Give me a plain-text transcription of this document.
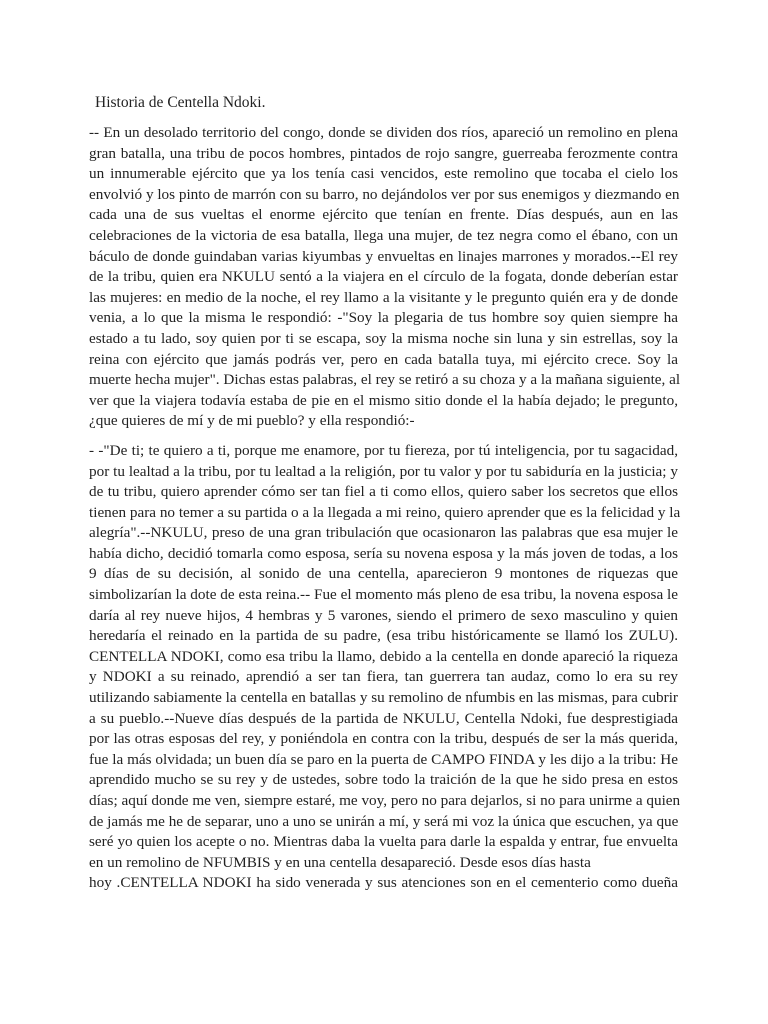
Historia de Centella Ndoki.
-- En un desolado territorio del congo, donde se dividen dos ríos, apareció un remolino en plena
gran batalla, una tribu de pocos hombres, pintados de rojo sangre, guerreaba ferozmente contra
un innumerable ejército que ya los tenía casi vencidos, este remolino que tocaba el cielo los
envolvió y los pinto de marrón con su barro, no dejándolos ver por sus enemigos y diezmando en
cada una de sus vueltas el enorme ejército que tenían en frente. Días después, aun en las
celebraciones de la victoria de esa batalla, llega una mujer, de tez negra como el ébano, con un
báculo de donde guindaban varias kiyumbas y envueltas en linajes marrones y morados.--El rey
de la tribu, quien era NKULU sentó a la viajera en el círculo de la fogata, donde deberían estar
las mujeres: en medio de la noche, el rey llamo a la visitante y le pregunto quién era y de donde
venia, a lo que la misma le respondió: -"Soy la plegaria de tus hombre soy quien siempre ha
estado a tu lado, soy quien por ti se escapa, soy la misma noche sin luna y sin estrellas, soy la
reina con ejército que jamás podrás ver, pero en cada batalla tuya, mi ejército crece. Soy la
muerte hecha mujer". Dichas estas palabras, el rey se retiró a su choza y a la mañana siguiente, al
ver que la viajera todavía estaba de pie en el mismo sitio donde el la había dejado; le pregunto,
¿que quieres de mí y de mi pueblo? y ella respondió:-
- -"De ti; te quiero a ti, porque me enamore, por tu fiereza, por tú inteligencia, por tu sagacidad,
por tu lealtad a la tribu, por tu lealtad a la religión, por tu valor y por tu sabiduría en la justicia; y
de tu tribu, quiero aprender cómo ser tan fiel a ti como ellos, quiero saber los secretos que ellos
tienen para no temer a su partida o a la llegada a mi reino, quiero aprender que es la felicidad y la
alegría".--NKULU, preso de una gran tribulación que ocasionaron las palabras que esa mujer le
había dicho, decidió tomarla como esposa, sería su novena esposa y la más joven de todas, a los
9 días de su decisión, al sonido de una centella, aparecieron 9 montones de riquezas que
simbolizarían la dote de esta reina.-- Fue el momento más pleno de esa tribu, la novena esposa le
daría al rey nueve hijos, 4 hembras y 5 varones, siendo el primero de sexo masculino y quien
heredaría el reinado en la partida de su padre, (esa tribu históricamente se llamó los ZULU).
CENTELLA NDOKI, como esa tribu la llamo, debido a la centella en donde apareció la riqueza
y NDOKI a su reinado, aprendió a ser tan fiera, tan guerrera tan audaz, como lo era su rey
utilizando sabiamente la centella en batallas y su remolino de nfumbis en las mismas, para cubrir
a su pueblo.--Nueve días después de la partida de NKULU, Centella Ndoki, fue desprestigiada
por las otras esposas del rey, y poniéndola en contra con la tribu, después de ser la más querida,
fue la más olvidada; un buen día se paro en la puerta de CAMPO FINDA y les dijo a la tribu: He
aprendido mucho se su rey y de ustedes, sobre todo la traición de la que he sido presa en estos
días; aquí donde me ven, siempre estaré, me voy, pero no para dejarlos, si no para unirme a quien
de jamás me he de separar, uno a uno se unirán a mí, y será mi voz la única que escuchen, ya que
seré yo quien los acepte o no. Mientras daba la vuelta para darle la espalda y entrar, fue envuelta
en un remolino de NFUMBIS y en una centella desapareció. Desde esos días hasta
hoy .CENTELLA NDOKI ha sido venerada y sus atenciones son en el cementerio como dueña
